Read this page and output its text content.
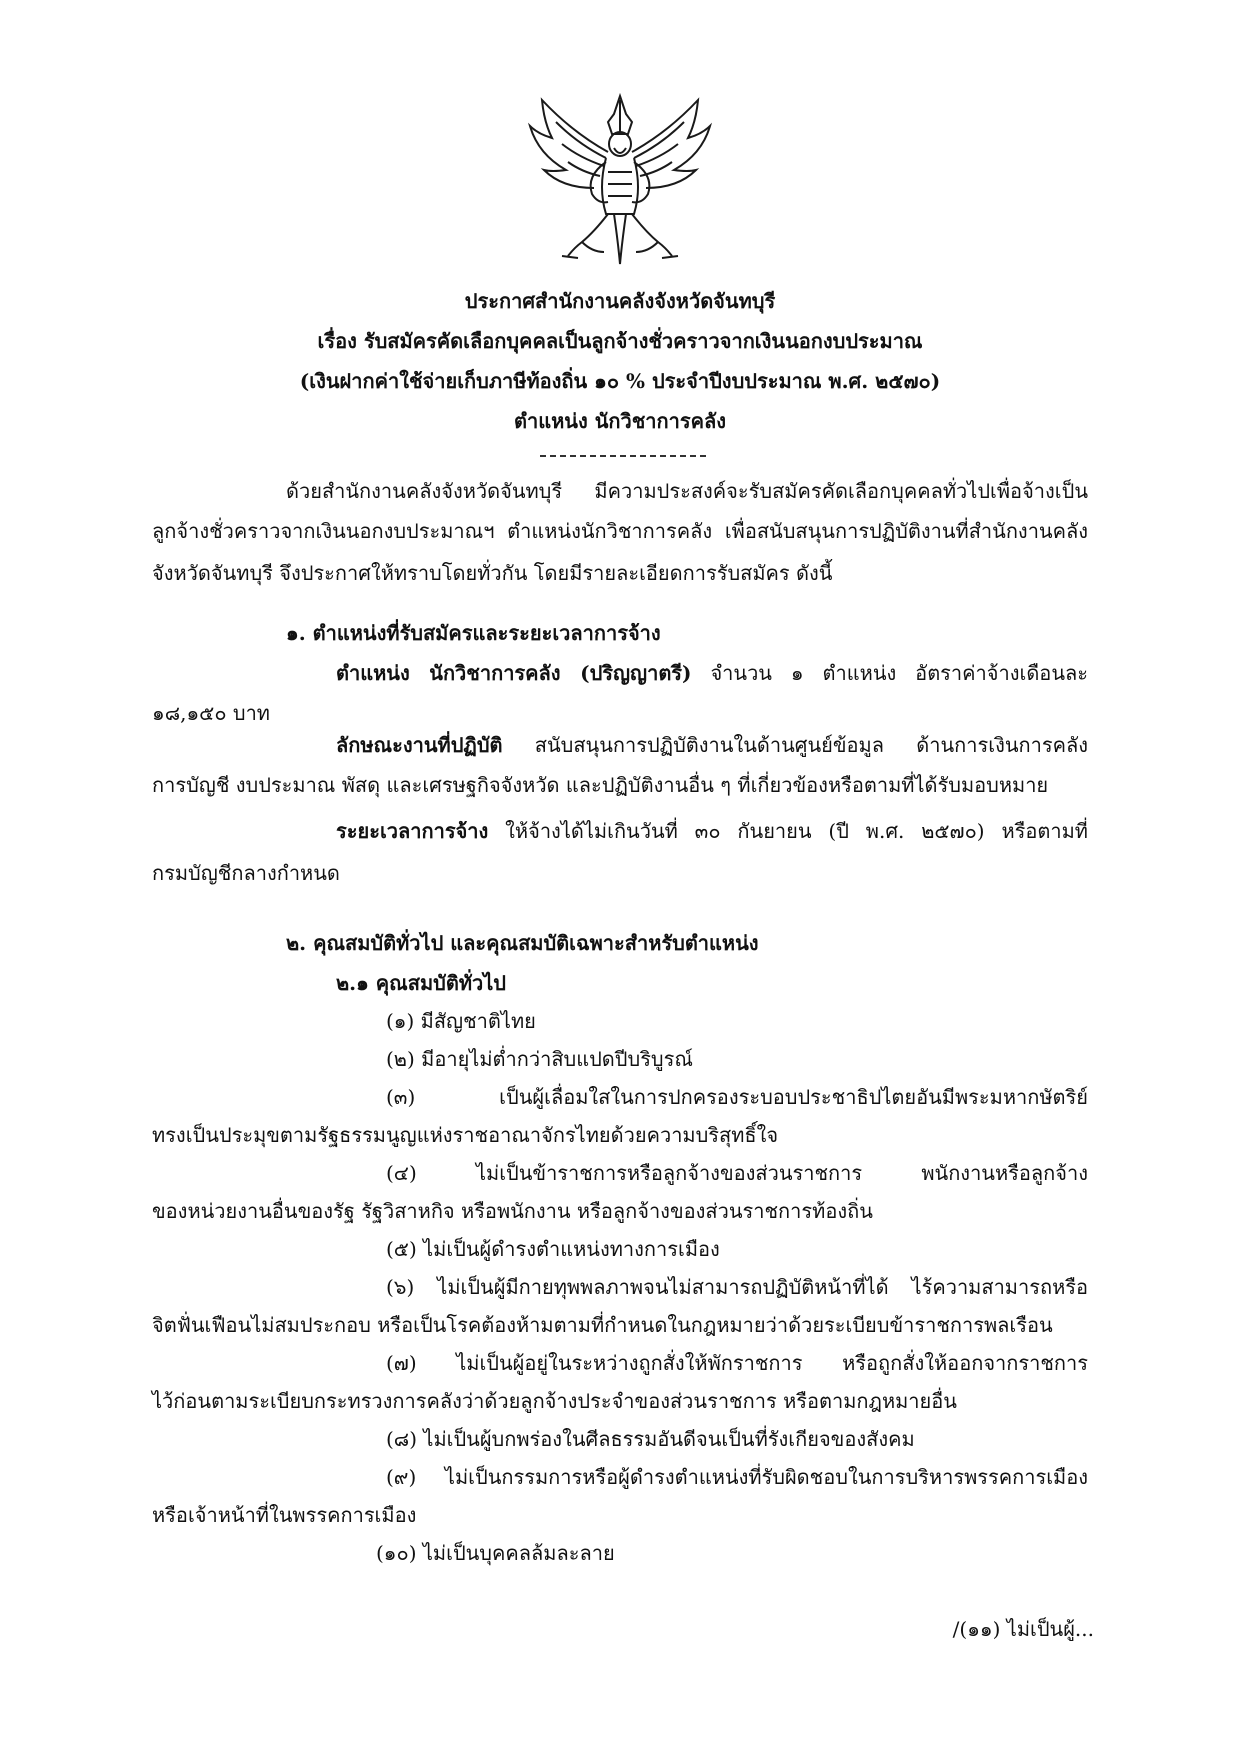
ประกาศสำนักงานคลังจังหวัดจันทบุรี
เรื่อง รับสมัครคัดเลือกบุคคลเป็นลูกจ้างชั่วคราวจากเงินนอกงบประมาณ
(เงินฝากค่าใช้จ่ายเก็บภาษีท้องถิ่น ๑๐ % ประจำปีงบประมาณ พ.ศ. ๒๕๗๐)
ตำแหน่ง นักวิชาการคลัง
ด้วยสำนักงานคลังจังหวัดจันทบุรี มีความประสงค์จะรับสมัครคัดเลือกบุคคลทั่วไปเพื่อจ้างเป็น
ลูกจ้างชั่วคราวจากเงินนอกงบประมาณฯ ตำแหน่งนักวิชาการคลัง เพื่อสนับสนุนการปฏิบัติงานที่สำนักงานคลัง
จังหวัดจันทบุรี จึงประกาศให้ทราบโดยทั่วกัน โดยมีรายละเอียดการรับสมัคร ดังนี้
๑. ตำแหน่งที่รับสมัครและระยะเวลาการจ้าง
ตำแหน่ง นักวิชาการคลัง (ปริญญาตรี) จำนวน ๑ ตำแหน่ง อัตราค่าจ้างเดือนละ
๑๘,๑๕๐ บาท
ลักษณะงานที่ปฏิบัติ สนับสนุนการปฏิบัติงานในด้านศูนย์ข้อมูล ด้านการเงินการคลัง
การบัญชี งบประมาณ พัสดุ และเศรษฐกิจจังหวัด และปฏิบัติงานอื่น ๆ ที่เกี่ยวข้องหรือตามที่ได้รับมอบหมาย
ระยะเวลาการจ้าง ให้จ้างได้ไม่เกินวันที่ ๓๐ กันยายน (ปี พ.ศ. ๒๕๗๐) หรือตามที่
กรมบัญชีกลางกำหนด
๒. คุณสมบัติทั่วไป และคุณสมบัติเฉพาะสำหรับตำแหน่ง
๒.๑ คุณสมบัติทั่วไป
(๑) มีสัญชาติไทย
(๒) มีอายุไม่ต่ำกว่าสิบแปดปีบริบูรณ์
(๓) เป็นผู้เลื่อมใสในการปกครองระบอบประชาธิปไตยอันมีพระมหากษัตริย์
ทรงเป็นประมุขตามรัฐธรรมนูญแห่งราชอาณาจักรไทยด้วยความบริสุทธิ์ใจ
(๔) ไม่เป็นข้าราชการหรือลูกจ้างของส่วนราชการ พนักงานหรือลูกจ้าง
ของหน่วยงานอื่นของรัฐ รัฐวิสาหกิจ หรือพนักงาน หรือลูกจ้างของส่วนราชการท้องถิ่น
(๕) ไม่เป็นผู้ดำรงตำแหน่งทางการเมือง
(๖) ไม่เป็นผู้มีกายทุพพลภาพจนไม่สามารถปฏิบัติหน้าที่ได้ ไร้ความสามารถหรือ
จิตฟั่นเฟือนไม่สมประกอบ หรือเป็นโรคต้องห้ามตามที่กำหนดในกฎหมายว่าด้วยระเบียบข้าราชการพลเรือน
(๗) ไม่เป็นผู้อยู่ในระหว่างถูกสั่งให้พักราชการ หรือถูกสั่งให้ออกจากราชการ
ไว้ก่อนตามระเบียบกระทรวงการคลังว่าด้วยลูกจ้างประจำของส่วนราชการ หรือตามกฎหมายอื่น
(๘) ไม่เป็นผู้บกพร่องในศีลธรรมอันดีจนเป็นที่รังเกียจของสังคม
(๙) ไม่เป็นกรรมการหรือผู้ดำรงตำแหน่งที่รับผิดชอบในการบริหารพรรคการเมือง
หรือเจ้าหน้าที่ในพรรคการเมือง
(๑๐) ไม่เป็นบุคคลล้มละลาย
/(๑๑) ไม่เป็นผู้...
